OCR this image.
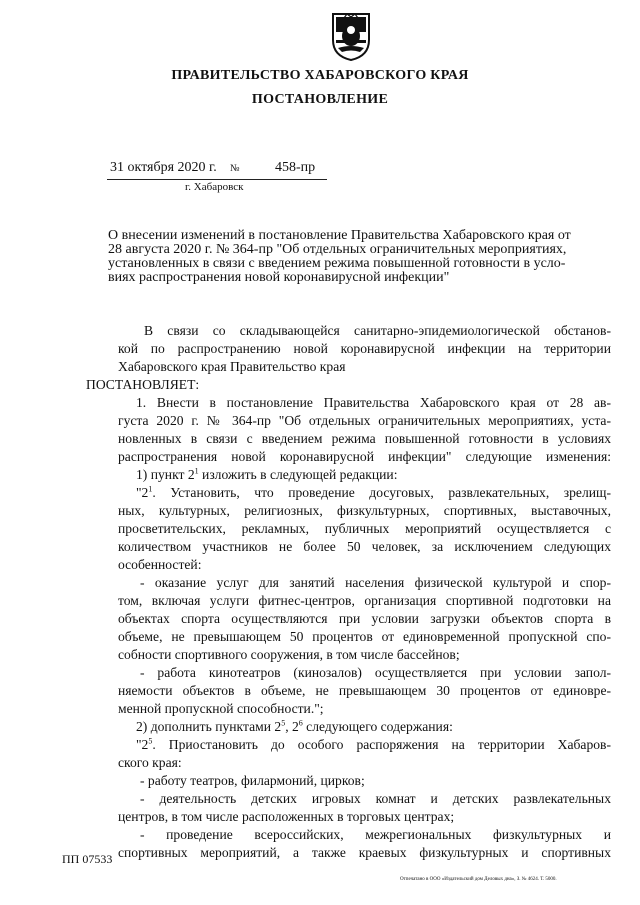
ПРАВИТЕЛЬСТВО ХАБАРОВСКОГО КРАЯ
ПОСТАНОВЛЕНИЕ
31 октября 2020 г. №	458-пр
г. Хабаровск
О внесении изменений в постановление Правительства Хабаровского края от
28 августа 2020 г. № 364-пр "Об отдельных ограничительных мероприятиях,
установленных в связи с введением режима повышенной готовности в усло-
виях распространения новой коронавирусной инфекции"
В связи со складывающейся санитарно-эпидемиологической обстанов-
кой по распространению новой коронавирусной инфекции на территории
Хабаровского края Правительство края
ПОСТАНОВЛЯЕТ:
1. Внести в постановление Правительства Хабаровского края от 28 ав-
густа 2020 г. № 364-пр "Об отдельных ограничительных мероприятиях, уста-
новленных в связи с введением режима повышенной готовности в условиях
распространения новой коронавирусной инфекции" следующие изменения:
1) пункт $2^1$ изложить в следующей редакции:
"$2^1$. Установить, что проведение досуговых, развлекательных, зрелищ-
ных, культурных, религиозных, физкультурных, спортивных, выставочных,
просветительских, рекламных, публичных мероприятий осуществляется с
количеством участников не более 50 человек, за исключением следующих
особенностей:
- оказание услуг для занятий населения физической культурой и спор-
том, включая услуги фитнес-центров, организация спортивной подготовки на
объектах спорта осуществляются при условии загрузки объектов спорта в
объеме, не превышающем 50 процентов от единовременной пропускной спо-
собности спортивного сооружения, в том числе бассейнов;
- работа кинотеатров (кинозалов) осуществляется при условии запол-
няемости объектов в объеме, не превышающем 30 процентов от единовре-
менной пропускной способности.";
2) дополнить пунктами $2^5$, $2^6$ следующего содержания:
"$2^5$. Приостановить до особого распоряжения на территории Хабаров-
ского края:
- работу театров, филармоний, цирков;
- деятельность детских игровых комнат и детских развлекательных
центров, в том числе расположенных в торговых центрах;
- проведение всероссийских, межрегиональных физкультурных и
спортивных мероприятий, а также краевых физкультурных и спортивных
ПП 07533
Отпечатано в ООО «Издательский дом Деловых дна», З. № 4624. Т. 5000.
